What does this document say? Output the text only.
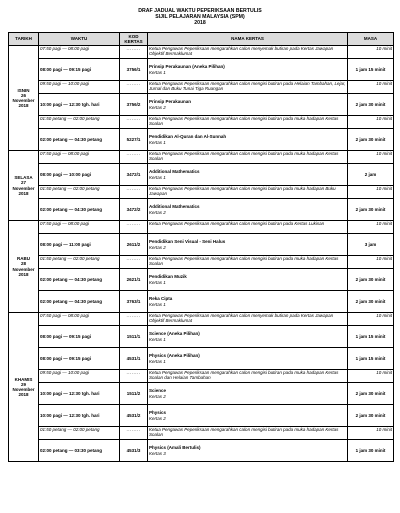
DRAF JADUAL WAKTU PEPERIKSAAN BERTULIS
SIJIL PELAJARAN MALAYSIA (SPM)
2018
TARIKH	WAKTU	KOD KERTAS	NAMA KERTAS	MASA

ISNIN
26 November
2018	07:50 pagi — 08:00 pagi	........	Ketua Pengawas Peperiksaan mengarahkan calon menyemak butiran pada Kertas Jawapan Objektif Bermaklumat	10 minit
	08:00 pagi — 09:15 pagi	3756/1	Prinsip Perakaunan (Aneka Pilihan)
Kertas 1	1 jam 15 minit
	09:50 pagi — 10:00 pagi	........	Ketua Pengawas Peperiksaan mengarahkan calon mengisi butiran pada Helaian Tambahan, Lejar, Jurnal dan Buku Tunai Tiga Ruangan	10 minit
	10:00 pagi — 12:30 tgh. hari	3756/2	Prinsip Perakaunan
Kertas 2	2 jam 30 minit
	01:50 petang — 02:00 petang	........	Ketua Pengawas Peperiksaan mengarahkan calon mengisi butiran pada muka hadapan Kertas Soalan	10 minit
	02:00 petang — 04:30 petang	5227/1	Pendidikan Al-Quran dan Al-Sunnah
Kertas 1	2 jam 30 minit

SELASA
27 November
2018	07:50 pagi — 08:00 pagi	........	Ketua Pengawas Peperiksaan mengarahkan calon mengisi butiran pada muka hadapan Kertas Soalan	10 minit
	08:00 pagi — 10:00 pagi	3472/1	Additional Mathematics
Kertas 1	2 jam
	01:50 petang — 02:00 petang	........	Ketua Pengawas Peperiksaan mengarahkan calon mengisi butiran pada muka hadapan Buku Jawapan	10 minit
	02:00 petang — 04:30 petang	3472/2	Additional Mathematics
Kertas 2	2 jam 30 minit

RABU
28 November
2018	07:50 pagi — 08:00 pagi	........	Ketua Pengawas Peperiksaan mengarahkan calon mengisi butiran pada Kertas Lukisan	10 minit
	08:00 pagi — 11:00 pagi	2611/2	Pendidikan Seni Visual - Seni Halus
Kertas 2	3 jam
	01:50 petang — 02:00 petang	........	Ketua Pengawas Peperiksaan mengarahkan calon mengisi butiran pada muka hadapan Kertas Soalan	10 minit
	02:00 petang — 04:30 petang	2621/1	Pendidikan Muzik
Kertas 1	2 jam 30 minit
	02:00 petang — 04:30 petang	3763/1	Reka Cipta
Kertas 1	2 jam 30 minit

KHAMIS
29 November
2018	07:50 pagi — 08:00 pagi	........	Ketua Pengawas Peperiksaan mengarahkan calon menyemak butiran pada Kertas Jawapan Objektif Bermaklumat	10 minit
	08:00 pagi — 09:15 pagi	1511/1	Science (Aneka Pilihan)
Kertas 1	1 jam 15 minit
	08:00 pagi — 09:15 pagi	4531/1	Physics (Aneka Pilihan)
Kertas 1	1 jam 15 minit
	09:50 pagi — 10:00 pagi	........	Ketua Pengawas Peperiksaan mengarahkan calon mengisi butiran pada muka hadapan Kertas Soalan dan Helaian Tambahan	10 minit
	10:00 pagi — 12:30 tgh. hari	1511/2	Science
Kertas 2	2 jam 30 minit
	10:00 pagi — 12:30 tgh. hari	4531/2	Physics
Kertas 2	2 jam 30 minit
	01:50 petang — 02:00 petang	........	Ketua Pengawas Peperiksaan mengarahkan calon mengisi butiran pada muka hadapan Kertas Soalan	10 minit
	02:00 petang — 03:30 petang	4531/3	Physics (Amali Bertulis)
Kertas 3	1 jam 30 minit
